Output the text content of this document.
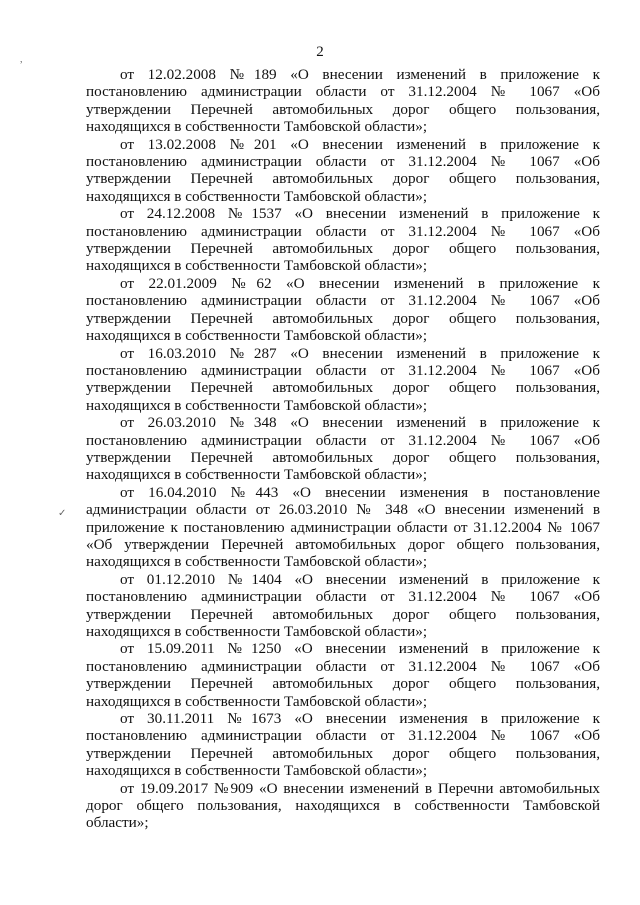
2
,
✓

от 12.02.2008 №189 «О внесении изменений в приложение к постановлению администрации области от 31.12.2004 № 1067 «Об утверждении Перечней автомобильных дорог общего пользования, находящихся в собственности Тамбовской области»;

от 13.02.2008 №201 «О внесении изменений в приложение к постановлению администрации области от 31.12.2004 № 1067 «Об утверждении Перечней автомобильных дорог общего пользования, находящихся в собственности Тамбовской области»;

от 24.12.2008 №1537 «О внесении изменений в приложение к постановлению администрации области от 31.12.2004 № 1067 «Об утверждении Перечней автомобильных дорог общего пользования, находящихся в собственности Тамбовской области»;

от 22.01.2009 №62 «О внесении изменений в приложение к постановлению администрации области от 31.12.2004 № 1067 «Об утверждении Перечней автомобильных дорог общего пользования, находящихся в собственности Тамбовской области»;

от 16.03.2010 №287 «О внесении изменений в приложение к постановлению администрации области от 31.12.2004 № 1067 «Об утверждении Перечней автомобильных дорог общего пользования, находящихся в собственности Тамбовской области»;

от 26.03.2010 №348 «О внесении изменений в приложение к постановлению администрации области от 31.12.2004 № 1067 «Об утверждении Перечней автомобильных дорог общего пользования, находящихся в собственности Тамбовской области»;

от 16.04.2010 №443 «О внесении изменения в постановление администрации области от 26.03.2010 № 348 «О внесении изменений в приложение к постановлению администрации области от 31.12.2004 № 1067 «Об утверждении Перечней автомобильных дорог общего пользования, находящихся в собственности Тамбовской области»;

от 01.12.2010 №1404 «О внесении изменений в приложение к постановлению администрации области от 31.12.2004 № 1067 «Об утверждении Перечней автомобильных дорог общего пользования, находящихся в собственности Тамбовской области»;

от 15.09.2011 №1250 «О внесении изменений в приложение к постановлению администрации области от 31.12.2004 № 1067 «Об утверждении Перечней автомобильных дорог общего пользования, находящихся в собственности Тамбовской области»;

от 30.11.2011 №1673 «О внесении изменения в приложение к постановлению администрации области от 31.12.2004 № 1067 «Об утверждении Перечней автомобильных дорог общего пользования, находящихся в собственности Тамбовской области»;

от 19.09.2017 №909 «О внесении изменений в Перечни автомобильных дорог общего пользования, находящихся в собственности Тамбовской области»;
